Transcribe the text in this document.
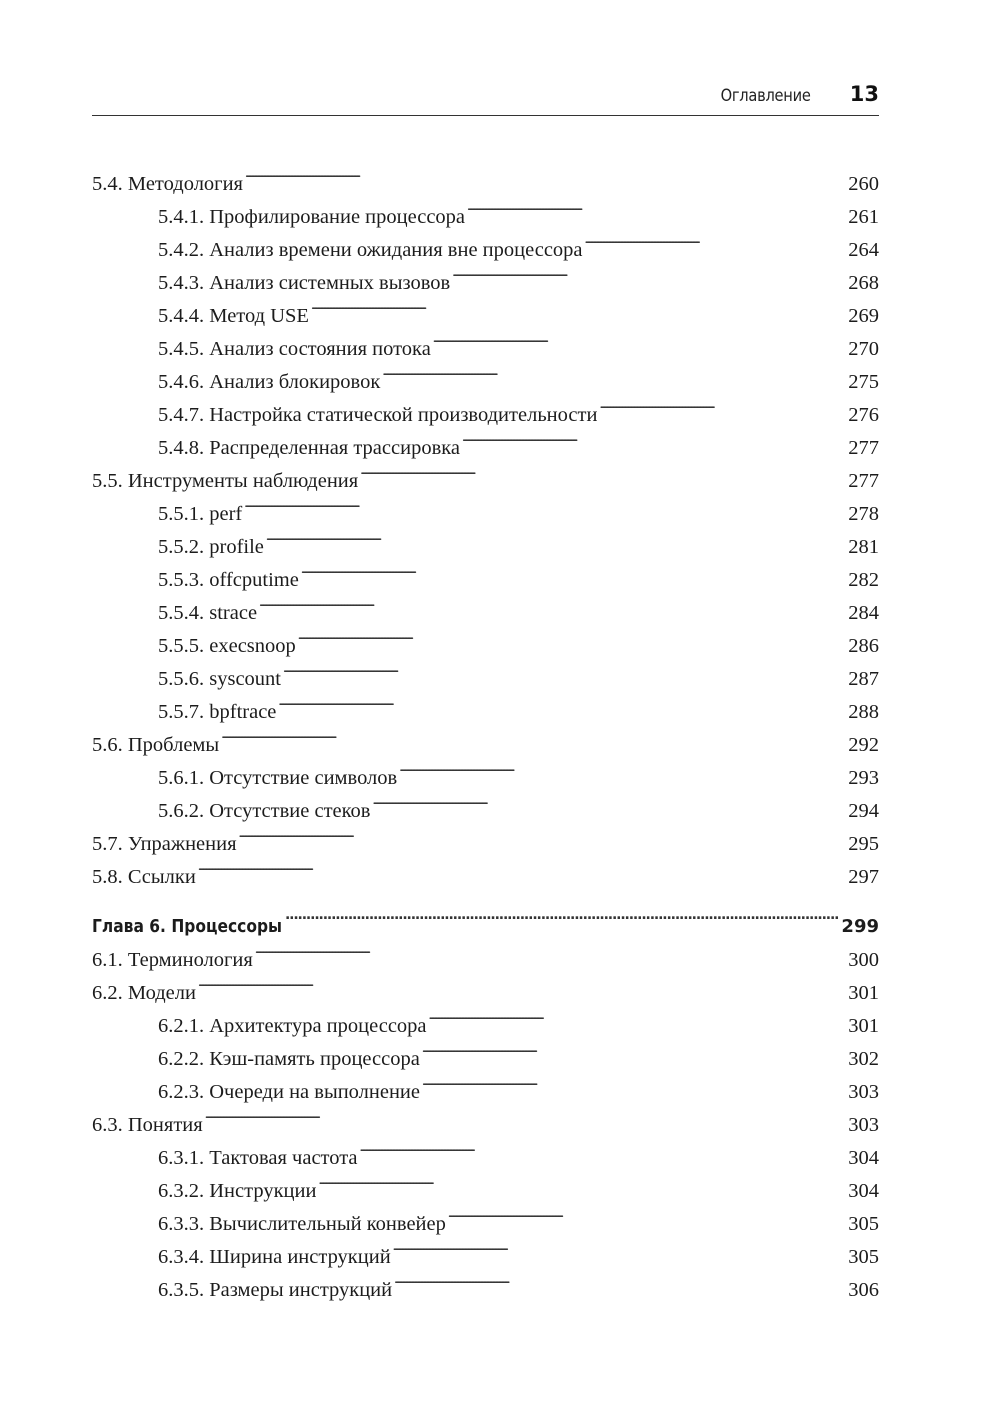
Оглавление 13
5.4. Методология . . .	260
5.4.1. Профилирование процессора . . .	261
5.4.2. Анализ времени ожидания вне процессора . . .	264
5.4.3. Анализ системных вызовов . . .	268
5.4.4. Метод USE . . .	269
5.4.5. Анализ состояния потока . . .	270
5.4.6. Анализ блокировок . . .	275
5.4.7. Настройка статической производительности . . .	276
5.4.8. Распределенная трассировка . . .	277
5.5. Инструменты наблюдения . . .	277
5.5.1. perf . . .	278
5.5.2. profile . . .	281
5.5.3. offcputime . . .	282
5.5.4. strace . . .	284
5.5.5. execsnoop . . .	286
5.5.6. syscount . . .	287
5.5.7. bpftrace . . .	288
5.6. Проблемы . . .	292
5.6.1. Отсутствие символов . . .	293
5.6.2. Отсутствие стеков . . .	294
5.7. Упражнения . . .	295
5.8. Ссылки . . .	297
Глава 6. Процессоры . . .	299
6.1. Терминология . . .	300
6.2. Модели . . .	301
6.2.1. Архитектура процессора . . .	301
6.2.2. Кэш-память процессора . . .	302
6.2.3. Очереди на выполнение . . .	303
6.3. Понятия . . .	303
6.3.1. Тактовая частота . . .	304
6.3.2. Инструкции . . .	304
6.3.3. Вычислительный конвейер . . .	305
6.3.4. Ширина инструкций . . .	305
6.3.5. Размеры инструкций . . .	306
